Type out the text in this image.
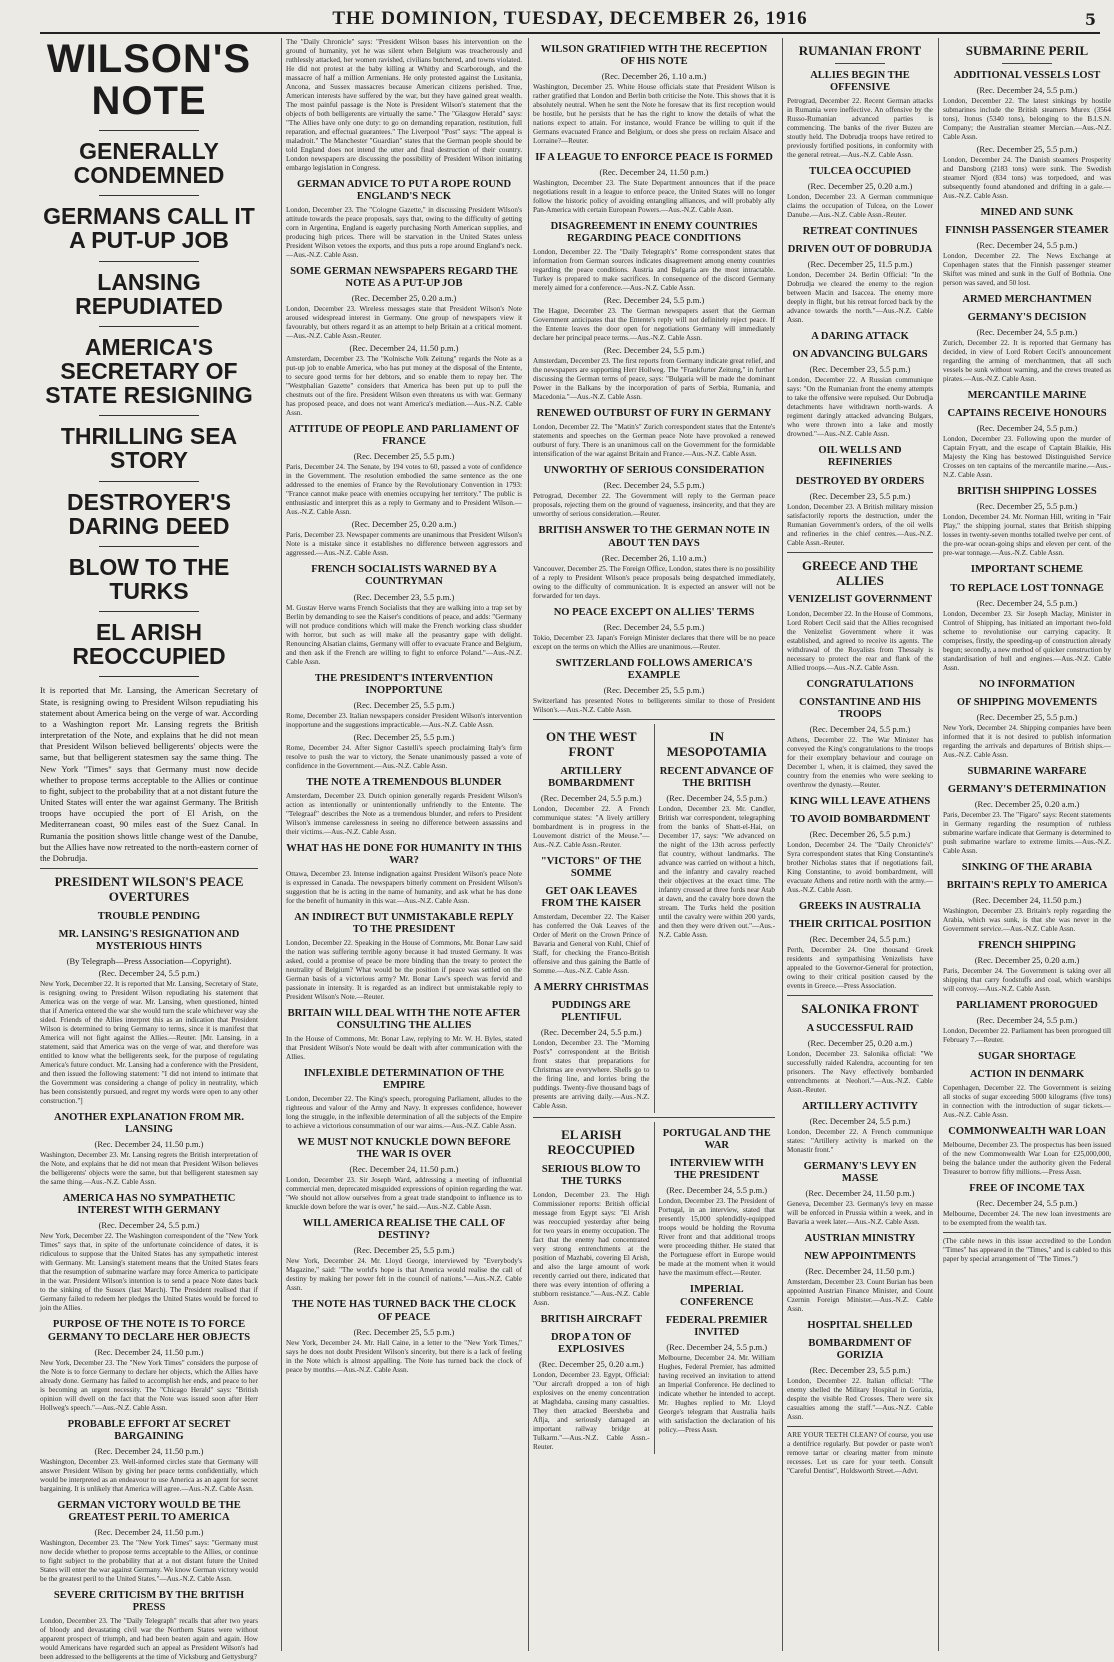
THE DOMINION, TUESDAY, DECEMBER 26, 1916	5

WILSON'S NOTE

GENERALLY CONDEMNED

GERMANS CALL IT A PUT-UP JOB

LANSING REPUDIATED

AMERICA'S SECRETARY OF STATE RESIGNING

THRILLING SEA STORY

DESTROYER'S DARING DEED

BLOW TO THE TURKS

EL ARISH REOCCUPIED

It is reported that Mr. Lansing, the American Secretary of State, is resigning owing to President Wilson repudiating his statement about America being on the verge of war. According to a Washington report Mr. Lansing regrets the British interpretation of the Note, and explains that he did not mean that President Wilson believed belligerents' objects were the same, but that belligerent statesmen say the same thing. The New York "Times" says that Germany must now decide whether to propose terms acceptable to the Allies or continue to fight, subject to the probability that at a not distant future the United States will enter the war against Germany. The British troops have occupied the port of El Arish, on the Mediterranean coast, 90 miles east of the Suez Canal. In Rumania the position shows little change west of the Danube, but the Allies have now retreated to the north-eastern corner of the Dobrudja.

PRESIDENT WILSON'S PEACE OVERTURES

TROUBLE PENDING

MR. LANSING'S RESIGNATION AND MYSTERIOUS HINTS

(By Telegraph—Press Association—Copyright).

(Rec. December 24, 5.5 p.m.)

New York, December 22. It is reported that Mr. Lansing, Secretary of State, is resigning owing to President Wilson repudiating his statement that America was on the verge of war. Mr. Lansing, when questioned, hinted that if America entered the war she would turn the scale whichever way she sided. Friends of the Allies interpret this as an indication that President Wilson is determined to bring Germany to terms, since it is manifest that America will not fight against the Allies.—Reuter. [Mr. Lansing, in a statement, said that America was on the verge of war, and therefore was entitled to know what the belligerents seek, for the purpose of regulating America's future conduct. Mr. Lansing had a conference with the President, and then issued the following statement: "I did not intend to intimate that the Government was considering a change of policy in neutrality, which has been consistently pursued, and regret my words were open to any other construction."]

ANOTHER EXPLANATION FROM MR. LANSING

(Rec. December 24, 11.50 p.m.)

Washington, December 23. Mr. Lansing regrets the British interpretation of the Note, and explains that he did not mean that President Wilson believes the belligerents' objects were the same, but that belligerent statesmen say the same thing.—Aus.-N.Z. Cable Assn.

AMERICA HAS NO SYMPATHETIC INTEREST WITH GERMANY

(Rec. December 24, 5.5 p.m.)

New York, December 22. The Washington correspondent of the "New York Times" says that, in spite of the unfortunate coincidence of dates, it is ridiculous to suppose that the United States has any sympathetic interest with Germany. Mr. Lansing's statement means that the United States fears that the resumption of submarine warfare may force America to participate in the war. President Wilson's intention is to send a peace Note dates back to the sinking of the Sussex (last March). The President realised that if Germany failed to redeem her pledges the United States would be forced to join the Allies.

PURPOSE OF THE NOTE IS TO FORCE GERMANY TO DECLARE HER OBJECTS

(Rec. December 24, 11.50 p.m.)

New York, December 23. The "New York Times" considers the purpose of the Note is to force Germany to declare her objects, which the Allies have already done. Germany has failed to accomplish her ends, and peace to her is becoming an urgent necessity. The "Chicago Herald" says: "British opinion will dwell on the fact that the Note was issued soon after Herr Hollweg's speech."—Aus.-N.Z. Cable Assn.

PROBABLE EFFORT AT SECRET BARGAINING

(Rec. December 24, 11.50 p.m.)

Washington, December 23. Well-informed circles state that Germany will answer President Wilson by giving her peace terms confidentially, which would be interpreted as an endeavour to use America as an agent for secret bargaining. It is unlikely that America will agree.—Aus.-N.Z. Cable Assn.

GERMAN VICTORY WOULD BE THE GREATEST PERIL TO AMERICA

(Rec. December 24, 11.50 p.m.)

Washington, December 23. The "New York Times" says: "Germany must now decide whether to propose terms acceptable to the Allies, or continue to fight subject to the probability that at a not distant future the United States will enter the war against Germany. We know German victory would be the greatest peril to the United States."—Aus.-N.Z. Cable Assn.

SEVERE CRITICISM BY THE BRITISH PRESS

London, December 23. The "Daily Telegraph" recalls that after two years of bloody and devastating civil war the Northern States were without apparent prospect of triumph, and had been beaten again and again. How would Americans have regarded such an appeal as President Wilson's had been addressed to the belligerents at the time of Vicksburg and Gettysburg?

The "Daily Chronicle" says: "President Wilson bases his intervention on the ground of humanity, yet he was silent when Belgium was treacherously and ruthlessly attacked, her women ravished, civilians butchered, and towns violated. He did not protest at the baby killing at Whitby and Scarborough, and the massacre of half a million Armenians. He only protested against the Lusitania, Ancona, and Sussex massacres because American citizens perished. True, American interests have suffered by the war, but they have gained great wealth. The most painful passage is the Note is President Wilson's statement that the objects of both belligerents are virtually the same." The "Glasgow Herald" says: "The Allies have only one duty: to go on demanding reparation, restitution, full reparation, and effectual guarantees." The Liverpool "Post" says: "The appeal is maladroit." The Manchester "Guardian" states that the German people should be told England does not intend the utter and final destruction of their country. London newspapers are discussing the possibility of President Wilson initiating embargo legislation in Congress.

GERMAN ADVICE TO PUT A ROPE ROUND ENGLAND'S NECK

London, December 23. The "Cologne Gazette," in discussing President Wilson's attitude towards the peace proposals, says that, owing to the difficulty of getting corn in Argentina, England is eagerly purchasing North American supplies, and producing high prices. There will be starvation in the United States unless President Wilson vetoes the exports, and thus puts a rope around England's neck.—Aus.-N.Z. Cable Assn.

SOME GERMAN NEWSPAPERS REGARD THE NOTE AS A PUT-UP JOB

(Rec. December 25, 0.20 a.m.)

London, December 23. Wireless messages state that President Wilson's Note aroused widespread interest in Germany. One group of newspapers view it favourably, but others regard it as an attempt to help Britain at a critical moment.—Aus.-N.Z. Cable Assn.-Reuter.

(Rec. December 24, 11.50 p.m.)

Amsterdam, December 23. The "Kolnische Volk Zeitung" regards the Note as a put-up job to enable America, who has put money at the disposal of the Entente, to secure good terms for her debtors, and so enable them to repay her. The "Westphalian Gazette" considers that America has been put up to pull the chestnuts out of the fire. President Wilson even threatens us with war. Germany has proposed peace, and does not want America's mediation.—Aus.-N.Z. Cable Assn.

ATTITUDE OF PEOPLE AND PARLIAMENT OF FRANCE

(Rec. December 25, 5.5 p.m.)

Paris, December 24. The Senate, by 194 votes to 60, passed a vote of confidence in the Government. The resolution embodied the same sentence as the one addressed to the enemies of France by the Revolutionary Convention in 1793: "France cannot make peace with enemies occupying her territory." The public is enthusiastic and interpret this as a reply to Germany and to President Wilson.—Aus.-N.Z. Cable Assn.

(Rec. December 25, 0.20 a.m.)

Paris, December 23. Newspaper comments are unanimous that President Wilson's Note is a mistake since it establishes no difference between aggressors and aggressed.—Aus.-N.Z. Cable Assn.

FRENCH SOCIALISTS WARNED BY A COUNTRYMAN

(Rec. December 23, 5.5 p.m.)

M. Gustav Herve warns French Socialists that they are walking into a trap set by Berlin by demanding to see the Kaiser's conditions of peace, and adds: "Germany will not produce conditions which will make the French working class shudder with horror, but such as will make all the peasantry gape with delight. Renouncing Alsatian claims, Germany will offer to evacuate France and Belgium, and then ask if the French are willing to fight to enforce Poland."—Aus.-N.Z. Cable Assn.

THE PRESIDENT'S INTERVENTION INOPPORTUNE

(Rec. December 25, 5.5 p.m.)

Rome, December 23. Italian newspapers consider President Wilson's intervention inopportune and the suggestions impracticable.—Aus.-N.Z. Cable Assn.

(Rec. December 25, 5.5 p.m.)

Rome, December 24. After Signor Castelli's speech proclaiming Italy's firm resolve to push the war to victory, the Senate unanimously passed a vote of confidence in the Government.—Aus.-N.Z. Cable Assn.

THE NOTE A TREMENDOUS BLUNDER

Amsterdam, December 23. Dutch opinion generally regards President Wilson's action as intentionally or unintentionally unfriendly to the Entente. The "Telegraaf" describes the Note as a tremendous blunder, and refers to President Wilson's immense carelessness in seeing no difference between assassins and their victims.—Aus.-N.Z. Cable Assn.

WHAT HAS HE DONE FOR HUMANITY IN THIS WAR?

Ottawa, December 23. Intense indignation against President Wilson's peace Note is expressed in Canada. The newspapers bitterly comment on President Wilson's suggestion that he is acting in the name of humanity, and ask what he has done for the benefit of humanity in this war.—Aus.-N.Z. Cable Assn.

AN INDIRECT BUT UNMISTAKABLE REPLY TO THE PRESIDENT

London, December 22. Speaking in the House of Commons, Mr. Bonar Law said the nation was suffering terrible agony because it had trusted Germany. It was asked, could a promise of peace be more binding than the treaty to protect the neutrality of Belgium? What would be the position if peace was settled on the German basis of a victorious army? Mr. Bonar Law's speech was fervid and passionate in intensity. It is regarded as an indirect but unmistakable reply to President Wilson's Note.—Reuter.

BRITAIN WILL DEAL WITH THE NOTE AFTER CONSULTING THE ALLIES

In the House of Commons, Mr. Bonar Law, replying to Mr. W. H. Byles, stated that President Wilson's Note would be dealt with after communication with the Allies.

INFLEXIBLE DETERMINATION OF THE EMPIRE

London, December 22. The King's speech, proroguing Parliament, alludes to the righteous and valour of the Army and Navy. It expresses confidence, however long the struggle, in the inflexible determination of all the subjects of the Empire to achieve a victorious consummation of our war aims.—Aus.-N.Z. Cable Assn.

WE MUST NOT KNUCKLE DOWN BEFORE THE WAR IS OVER

(Rec. December 24, 11.50 p.m.)

London, December 23. Sir Joseph Ward, addressing a meeting of influential commercial men, deprecated misguided expressions of opinion regarding the war. "We should not allow ourselves from a great trade standpoint to influence us to knuckle down before the war is over," he said.—Aus.-N.Z. Cable Assn.

WILL AMERICA REALISE THE CALL OF DESTINY?

(Rec. December 25, 5.5 p.m.)

New York, December 24. Mr. Lloyd George, interviewed by "Everybody's Magazine," said: "The world's hope is that America would realise the call of destiny by making her power felt in the council of nations."—Aus.-N.Z. Cable Assn.

THE NOTE HAS TURNED BACK THE CLOCK OF PEACE

(Rec. December 25, 5.5 p.m.)

New York, December 24. Mr. Hall Caine, in a letter to the "New York Times," says he does not doubt President Wilson's sincerity, but there is a lack of feeling in the Note which is almost appalling. The Note has turned back the clock of peace by months.—Aus.-N.Z. Cable Assn.

WILSON GRATIFIED WITH THE RECEPTION OF HIS NOTE

(Rec. December 26, 1.10 a.m.)

Washington, December 25. White House officials state that President Wilson is rather gratified that London and Berlin both criticise the Note. This shows that it is absolutely neutral. When he sent the Note he foresaw that its first reception would be hostile, but he persists that he has the right to know the details of what the nations expect to attain. For instance, would France be willing to quit if the Germans evacuated France and Belgium, or does she press on reclaim Alsace and Lorraine?—Reuter.

IF A LEAGUE TO ENFORCE PEACE IS FORMED

(Rec. December 24, 11.50 p.m.)

Washington, December 23. The State Department announces that if the peace negotiations result in a league to enforce peace, the United States will no longer follow the historic policy of avoiding entangling alliances, and will probably ally Pan-America with certain European Powers.—Aus.-N.Z. Cable Assn.

DISAGREEMENT IN ENEMY COUNTRIES REGARDING PEACE CONDITIONS

London, December 22. The "Daily Telegraph's" Rome correspondent states that information from German sources indicates disagreement among enemy countries regarding the peace conditions. Austria and Bulgaria are the most intractable. Turkey is prepared to make sacrifices. In consequence of the discord Germany merely aimed for a conference.—Aus.-N.Z. Cable Assn.

(Rec. December 24, 5.5 p.m.)

The Hague, December 23. The German newspapers assert that the German Government anticipates that the Entente's reply will not definitely reject peace. If the Entente leaves the door open for negotiations Germany will immediately declare her principal peace terms.—Aus.-N.Z. Cable Assn.

(Rec. December 24, 5.5 p.m.)

Amsterdam, December 23. The first reports from Germany indicate great relief, and the newspapers are supporting Herr Hollweg. The "Frankfurter Zeitung," in further discussing the German terms of peace, says: "Bulgaria will be made the dominant Power in the Balkans by the incorporation of parts of Serbia, Rumania, and Macedonia."—Aus.-N.Z. Cable Assn.

RENEWED OUTBURST OF FURY IN GERMANY

London, December 22. The "Matin's" Zurich correspondent states that the Entente's statements and speeches on the German peace Note have provoked a renewed outburst of fury. There is an unanimous call on the Government for the formidable intensification of the war against Britain and France.—Aus.-N.Z. Cable Assn.

UNWORTHY OF SERIOUS CONSIDERATION

(Rec. December 24, 5.5 p.m.)

Petrograd, December 22. The Government will reply to the German peace proposals, rejecting them on the ground of vagueness, insincerity, and that they are unworthy of serious consideration.—Reuter.

BRITISH ANSWER TO THE GERMAN NOTE IN ABOUT TEN DAYS

(Rec. December 26, 1.10 a.m.)

Vancouver, December 25. The Foreign Office, London, states there is no possibility of a reply to President Wilson's peace proposals being despatched immediately, owing to the difficulty of communication. It is expected an answer will not be forwarded for ten days.

NO PEACE EXCEPT ON ALLIES' TERMS

(Rec. December 24, 5.5 p.m.)

Tokio, December 23. Japan's Foreign Minister declares that there will be no peace except on the terms on which the Allies are unanimous.—Reuter.

SWITZERLAND FOLLOWS AMERICA'S EXAMPLE

(Rec. December 25, 5.5 p.m.)

Switzerland has presented Notes to belligerents similar to those of President Wilson's.—Aus.-N.Z. Cable Assn.

ON THE WEST FRONT

ARTILLERY BOMBARDMENT

(Rec. December 24, 5.5 p.m.)

London, December 22. A French communique states: "A lively artillery bombardment is in progress in the Louvemont district of the Meuse."—Aus.-N.Z. Cable Assn.-Reuter.

"VICTORS" OF THE SOMME

GET OAK LEAVES FROM THE KAISER

Amsterdam, December 22. The Kaiser has conferred the Oak Leaves of the Order of Merit on the Crown Prince of Bavaria and General von Kuhl, Chief of Staff, for checking the Franco-British offensive and thus gaining the Battle of Somme.—Aus.-N.Z. Cable Assn.

A MERRY CHRISTMAS

PUDDINGS ARE PLENTIFUL

(Rec. December 24, 5.5 p.m.)

London, December 23. The "Morning Post's" correspondent at the British front states that preparations for Christmas are everywhere. Shells go to the firing line, and lorries bring the puddings. Twenty-five thousand bags of presents are arriving daily.—Aus.-N.Z. Cable Assn.

IN MESOPOTAMIA

RECENT ADVANCE OF THE BRITISH

(Rec. December 24, 5.5 p.m.)

London, December 23. Mr. Candler, British war correspondent, telegraphing from the banks of Shatt-el-Hai, on December 17, says: "We advanced on the night of the 13th across perfectly flat country, without landmarks. The advance was carried on without a hitch, and the infantry and cavalry reached their objectives at the exact time. The infantry crossed at three fords near Atab at dawn, and the cavalry bore down the stream. The Turks held the position until the cavalry were within 200 yards, and then they were driven out."—Aus.-N.Z. Cable Assn.

EL ARISH REOCCUPIED

SERIOUS BLOW TO THE TURKS

London, December 23. The High Commissioner reports: British official message from Egypt says: "El Arish was reoccupied yesterday after being for two years in enemy occupation. The fact that the enemy had concentrated very strong entrenchments at the position of Mazhabi, covering El Arish, and also the large amount of work recently carried out there, indicated that there was every intention of offering a stubborn resistance."—Aus.-N.Z. Cable Assn.

BRITISH AIRCRAFT

DROP A TON OF EXPLOSIVES

(Rec. December 25, 0.20 a.m.)

London, December 23. Egypt, Official: "Our aircraft dropped a ton of high explosives on the enemy concentration at Maghdaba, causing many casualties. They then attacked Beersheba and Aflja, and seriously damaged an important railway bridge at Tulkarm."—Aus.-N.Z. Cable Assn.-Reuter.

PORTUGAL AND THE WAR

INTERVIEW WITH THE PRESIDENT

(Rec. December 24, 5.5 p.m.)

London, December 23. The President of Portugal, in an interview, stated that presently 15,000 splendidly-equipped troops would be holding the Rovuma River front and that additional troops were proceeding thither. He stated that the Portuguese effort in Europe would be made at the moment when it would have the maximum effect.—Reuter.

IMPERIAL CONFERENCE

FEDERAL PREMIER INVITED

(Rec. December 24, 5.5 p.m.)

Melbourne, December 24. Mr. William Hughes, Federal Premier, has admitted having received an invitation to attend an Imperial Conference. He declined to indicate whether he intended to accept. Mr. Hughes replied to Mr. Lloyd George's telegram that Australia hails with satisfaction the declaration of his policy.—Press Assn.

RUMANIAN FRONT

ALLIES BEGIN THE OFFENSIVE

Petrograd, December 22. Recent German attacks in Rumania were ineffective. An offensive by the Russo-Rumanian advanced parties is commencing. The banks of the river Buzeu are stoutly held. The Dobrudja troops have retired to previously fortified positions, in conformity with the general retreat.—Aus.-N.Z. Cable Assn.

TULCEA OCCUPIED

(Rec. December 25, 0.20 a.m.)

London, December 23. A German communique claims the occupation of Tulcea, on the Lower Danube.—Aus.-N.Z. Cable Assn.-Reuter.

RETREAT CONTINUES

DRIVEN OUT OF DOBRUDJA

(Rec. December 25, 11.5 p.m.)

London, December 24. Berlin Official: "In the Dobrudja we cleared the enemy to the region between Macin and Isaccea. The enemy more deeply in flight, but his retreat forced back by the advance towards the north."—Aus.-N.Z. Cable Assn.

A DARING ATTACK

ON ADVANCING BULGARS

(Rec. December 23, 5.5 p.m.)

London, December 22. A Russian communique says: "On the Rumanian front the enemy attempts to take the offensive were repulsed. Our Dobrudja detachments have withdrawn north-wards. A regiment daringly attacked advancing Bulgars, who were thrown into a lake and mostly drowned."—Aus.-N.Z. Cable Assn.

OIL WELLS AND REFINERIES

DESTROYED BY ORDERS

(Rec. December 23, 5.5 p.m.)

London, December 23. A British military mission satisfactorily reports the destruction, under the Rumanian Government's orders, of the oil wells and refineries in the chief centres.—Aus.-N.Z. Cable Assn.-Reuter.

GREECE AND THE ALLIES

VENIZELIST GOVERNMENT

London, December 22. In the House of Commons, Lord Robert Cecil said that the Allies recognised the Venizelist Government where it was established, and agreed to receive its agents. The withdrawal of the Royalists from Thessaly is necessary to protect the rear and flank of the Allied troops.—Aus.-N.Z. Cable Assn.

CONGRATULATIONS

CONSTANTINE AND HIS TROOPS

(Rec. December 24, 5.5 p.m.)

Athens, December 22. The War Minister has conveyed the King's congratulations to the troops for their exemplary behaviour and courage on December 1, when, it is claimed, they saved the country from the enemies who were seeking to overthrow the dynasty.—Reuter.

KING WILL LEAVE ATHENS

TO AVOID BOMBARDMENT

(Rec. December 26, 5.5 p.m.)

London, December 24. The "Daily Chronicle's" Syra correspondent states that King Constantine's brother Nicholas states that if negotiations fail, King Constantine, to avoid bombardment, will evacuate Athens and retire north with the army.—Aus.-N.Z. Cable Assn.

GREEKS IN AUSTRALIA

THEIR CRITICAL POSITION

(Rec. December 24, 5.5 p.m.)

Perth, December 24. One thousand Greek residents and sympathising Venizelists have appealed to the Governor-General for protection, owing to their critical position caused by the events in Greece.—Press Association.

SALONIKA FRONT

A SUCCESSFUL RAID

(Rec. December 25, 0.20 a.m.)

London, December 23. Salonika official: "We successfully raided Kalendra, accounting for ten prisoners. The Navy effectively bombarded entrenchments at Neohori."—Aus.-N.Z. Cable Assn.-Reuter.

ARTILLERY ACTIVITY

(Rec. December 24, 5.5 p.m.)

London, December 22. A French communique states: "Artillery activity is marked on the Monastir front."

GERMANY'S LEVY EN MASSE

(Rec. December 24, 11.50 p.m.)

Geneva, December 23. Germany's levy en masse will be enforced in Prussia within a week, and in Bavaria a week later.—Aus.-N.Z. Cable Assn.

AUSTRIAN MINISTRY

NEW APPOINTMENTS

(Rec. December 24, 11.50 p.m.)

Amsterdam, December 23. Count Burian has been appointed Austrian Finance Minister, and Count Czernin Foreign Minister.—Aus.-N.Z. Cable Assn.

HOSPITAL SHELLED

BOMBARDMENT OF GORIZIA

(Rec. December 23, 5.5 p.m.)

London, December 22. Italian official: "The enemy shelled the Military Hospital in Gorizia, despite the visible Red Crosses. There were six casualties among the staff."—Aus.-N.Z. Cable Assn.

ARE YOUR TEETH CLEAN? Of course, you use a dentifrice regularly. But powder or paste won't remove tartar or clearing matter from minute recesses. Let us care for your teeth. Consult "Careful Dentist", Holdsworth Street.—Advt.

SUBMARINE PERIL

ADDITIONAL VESSELS LOST

(Rec. December 24, 5.5 p.m.)

London, December 22. The latest sinkings by hostile submarines include the British steamers Murex (3564 tons), Itonus (5340 tons), belonging to the B.I.S.N. Company; the Australian steamer Mercian.—Aus.-N.Z. Cable Assn.

(Rec. December 25, 5.5 p.m.)

London, December 24. The Danish steamers Prosperity and Dansborg (2183 tons) were sunk. The Swedish steamer Njord (834 tons) was torpedoed, and was subsequently found abandoned and drifting in a gale.—Aus.-N.Z. Cable Assn.

MINED AND SUNK

FINNISH PASSENGER STEAMER

(Rec. December 24, 5.5 p.m.)

London, December 22. The News Exchange at Copenhagen states that the Finnish passenger steamer Skiftet was mined and sunk in the Gulf of Bothnia. One person was saved, and 50 lost.

ARMED MERCHANTMEN

GERMANY'S DECISION

(Rec. December 24, 5.5 p.m.)

Zurich, December 22. It is reported that Germany has decided, in view of Lord Robert Cecil's announcement regarding the arming of merchantmen, that all such vessels be sunk without warning, and the crews treated as pirates.—Aus.-N.Z. Cable Assn.

MERCANTILE MARINE

CAPTAINS RECEIVE HONOURS

(Rec. December 24, 5.5 p.m.)

London, December 23. Following upon the murder of Captain Fryatt, and the escape of Captain Blaikie, His Majesty the King has bestowed Distinguished Service Crosses on ten captains of the mercantile marine.—Aus.-N.Z. Cable Assn.

BRITISH SHIPPING LOSSES

(Rec. December 25, 5.5 p.m.)

London, December 24. Mr. Norman Hill, writing in "Fair Play," the shipping journal, states that British shipping losses in twenty-seven months totalled twelve per cent. of the pre-war ocean-going ships and eleven per cent. of the pre-war tonnage.—Aus.-N.Z. Cable Assn.

IMPORTANT SCHEME

TO REPLACE LOST TONNAGE

(Rec. December 24, 5.5 p.m.)

London, December 23. Sir Joseph Maclay, Minister in Control of Shipping, has initiated an important two-fold scheme to revolutionise our carrying capacity. It comprises, firstly, the speeding-up of construction already begun; secondly, a new method of quicker construction by standardisation of hull and engines.—Aus.-N.Z. Cable Assn.

NO INFORMATION

OF SHIPPING MOVEMENTS

(Rec. December 25, 5.5 p.m.)

New York, December 24. Shipping companies have been informed that it is not desired to publish information regarding the arrivals and departures of British ships.—Aus.-N.Z. Cable Assn.

SUBMARINE WARFARE

GERMANY'S DETERMINATION

(Rec. December 25, 0.20 a.m.)

Paris, December 23. The "Figaro" says: Recent statements in Germany regarding the resumption of ruthless submarine warfare indicate that Germany is determined to push submarine warfare to extreme limits.—Aus.-N.Z. Cable Assn.

SINKING OF THE ARABIA

BRITAIN'S REPLY TO AMERICA

(Rec. December 24, 11.50 p.m.)

Washington, December 23. Britain's reply regarding the Arabia, which was sunk, is that she was never in the Government service.—Aus.-N.Z. Cable Assn.

FRENCH SHIPPING

(Rec. December 25, 0.20 a.m.)

Paris, December 24. The Government is taking over all shipping that carry foodstuffs and coal, which warships will convoy.—Aus.-N.Z. Cable Assn.

PARLIAMENT PROROGUED

(Rec. December 24, 5.5 p.m.)

London, December 22. Parliament has been prorogued till February 7.—Reuter.

SUGAR SHORTAGE

ACTION IN DENMARK

Copenhagen, December 22. The Government is seizing all stocks of sugar exceeding 5000 kilograms (five tons) in connection with the introduction of sugar tickets.—Aus.-N.Z. Cable Assn.

COMMONWEALTH WAR LOAN

Melbourne, December 23. The prospectus has been issued of the new Commonwealth War Loan for £25,000,000, being the balance under the authority given the Federal Treasurer to borrow fifty millions.—Press Assn.

FREE OF INCOME TAX

(Rec. December 24, 5.5 p.m.)

Melbourne, December 24. The new loan investments are to be exempted from the wealth tax.

(The cable news in this issue accredited to the London "Times" has appeared in the "Times," and is cabled to this paper by special arrangement of "The Times.")
